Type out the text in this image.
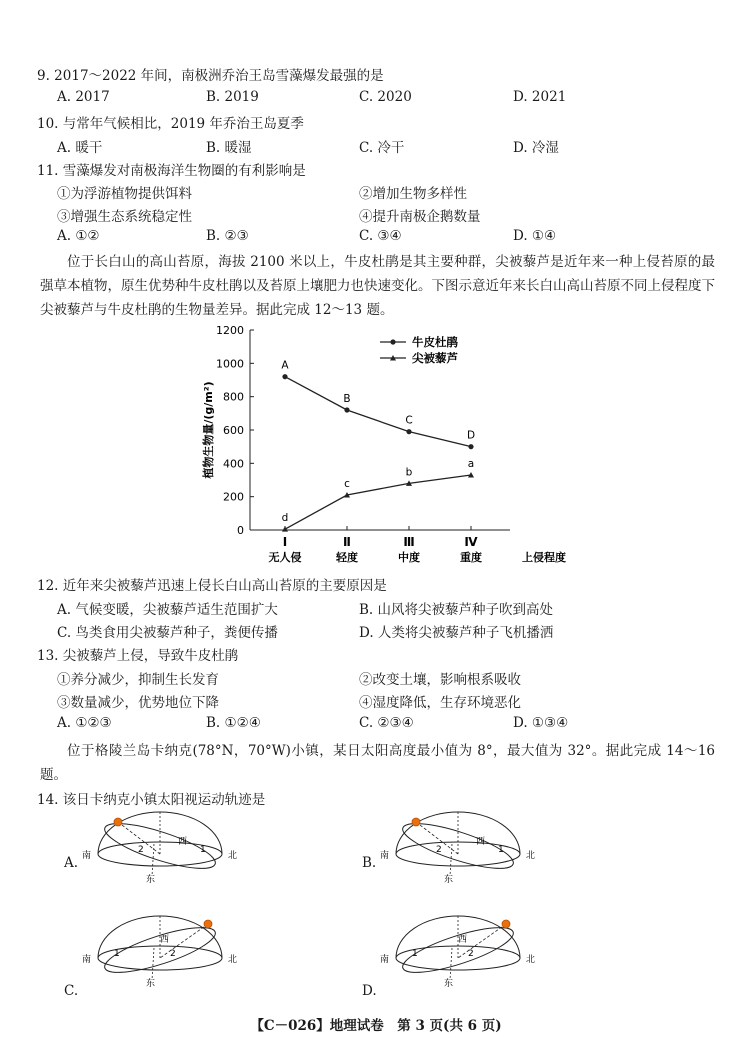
9. 2017～2022 年间，南极洲乔治王岛雪藻爆发最强的是
A. 2017	B. 2019	C. 2020	D. 2021
10. 与常年气候相比，2019 年乔治王岛夏季
A. 暖干	B. 暖湿	C. 冷干	D. 冷湿
11. 雪藻爆发对南极海洋生物圈的有利影响是
①为浮游植物提供饵料	②增加生物多样性
③增强生态系统稳定性	④提升南极企鹅数量
A. ①②	B. ②③	C. ③④	D. ①④
位于长白山的高山苔原，海拔 2100 米以上，牛皮杜鹃是其主要种群，尖被藜芦是近年来一种上侵苔原的最强草本植物，原生优势种牛皮杜鹃以及苔原上壤肥力也快速变化。下图示意近年来长白山高山苔原不同上侵程度下尖被藜芦与牛皮杜鹃的生物量差异。据此完成 12～13 题。
0
200
400
600
800
1000
1200
Ⅰ
无人侵
Ⅱ
轻度
Ⅲ
中度
Ⅳ
重度	上侵程度
植物生物量/(g/m²)
A
B
C
D
d
c
b
a
牛皮杜鹃
尖被藜芦
12. 近年来尖被藜芦迅速上侵长白山高山苔原的主要原因是
A. 气候变暖，尖被藜芦适生范围扩大	B. 山风将尖被藜芦种子吹到高处
C. 鸟类食用尖被藜芦种子，粪便传播	D. 人类将尖被藜芦种子飞机播洒
13. 尖被藜芦上侵，导致牛皮杜鹃
①养分减少，抑制生长发育	②改变土壤，影响根系吸收
③数量减少，优势地位下降	④湿度降低，生存环境恶化
A. ①②③	B. ①②④	C. ②③④	D. ①③④
位于格陵兰岛卡纳克(78°N，70°W)小镇，某日太阳高度最小值为 8°，最大值为 32°。据此完成 14～16 题。
14. 该日卡纳克小镇太阳视运动轨迹是
A.	B.
C.	D.
2	1
南	北
西
东
2	1
南	北
西
东
2
1
南	北
西
东
2
1
南	北
西
东
【C－026】地理试卷　第 3 页(共 6 页)
